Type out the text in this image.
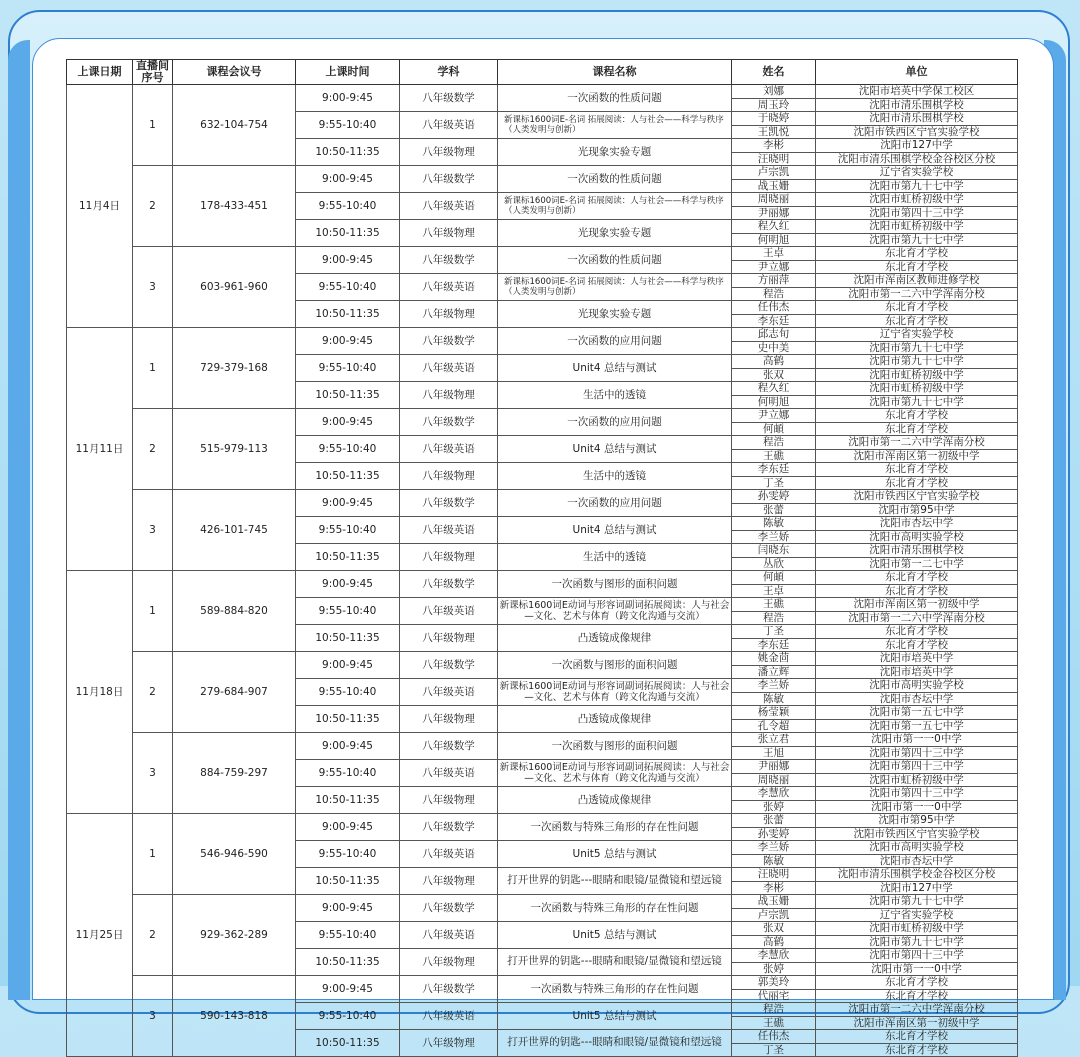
上课日期	直播间序号	课程会议号	上课时间	学科	课程名称	姓名	单位
11月4日	1	632-104-754	9:00-9:45	八年级数学	一次函数的性质问题	刘娜	沈阳市培英中学保工校区
						周玉玲	沈阳市清乐围棋学校
			9:55-10:40	八年级英语	新课标1600词E-名词 拓展阅读：人与社会——科学与秩序（人类发明与创新）	于晓婷	沈阳市清乐围棋学校
						王凯悦	沈阳市铁西区宁官实验学校
			10:50-11:35	八年级物理	光现象实验专题	李彬	沈阳市127中学
						汪晓明	沈阳市清乐围棋学校金谷校区分校
	2	178-433-451	9:00-9:45	八年级数学	一次函数的性质问题	卢宗凯	辽宁省实验学校
						战玉姗	沈阳市第九十七中学
			9:55-10:40	八年级英语	新课标1600词E-名词 拓展阅读：人与社会——科学与秩序（人类发明与创新）	周晓丽	沈阳市虹桥初级中学
						尹丽娜	沈阳市第四十三中学
			10:50-11:35	八年级物理	光现象实验专题	程久红	沈阳市虹桥初级中学
						何明旭	沈阳市第九十七中学
	3	603-961-960	9:00-9:45	八年级数学	一次函数的性质问题	王卓	东北育才学校
						尹立娜	东北育才学校
			9:55-10:40	八年级英语	新课标1600词E-名词 拓展阅读：人与社会——科学与秩序（人类发明与创新）	方丽萍	沈阳市浑南区教师进修学校
						程浩	沈阳市第一二六中学浑南分校
			10:50-11:35	八年级物理	光现象实验专题	任伟杰	东北育才学校
						李东廷	东北育才学校
11月11日	1	729-379-168	9:00-9:45	八年级数学	一次函数的应用问题	邱志旬	辽宁省实验学校
						史中美	沈阳市第九十七中学
			9:55-10:40	八年级英语	Unit4 总结与测试	高鹤	沈阳市第九十七中学
						张双	沈阳市虹桥初级中学
			10:50-11:35	八年级物理	生活中的透镜	程久红	沈阳市虹桥初级中学
						何明旭	沈阳市第九十七中学
	2	515-979-113	9:00-9:45	八年级数学	一次函数的应用问题	尹立娜	东北育才学校
						何頔	东北育才学校
			9:55-10:40	八年级英语	Unit4 总结与测试	程浩	沈阳市第一二六中学浑南分校
						王礁	沈阳市浑南区第一初级中学
			10:50-11:35	八年级物理	生活中的透镜	李东廷	东北育才学校
						丁圣	东北育才学校
	3	426-101-745	9:00-9:45	八年级数学	一次函数的应用问题	孙雯婷	沈阳市铁西区宁官实验学校
						张蕾	沈阳市第95中学
			9:55-10:40	八年级英语	Unit4 总结与测试	陈敏	沈阳市杏坛中学
						李兰娇	沈阳市高明实验学校
			10:50-11:35	八年级物理	生活中的透镜	闫晓东	沈阳市清乐围棋学校
						丛欣	沈阳市第一二七中学
11月18日	1	589-884-820	9:00-9:45	八年级数学	一次函数与图形的面积问题	何頔	东北育才学校
						王卓	东北育才学校
			9:55-10:40	八年级英语	新课标1600词E动词与形容词副词拓展阅读：人与社会—文化、艺术与体育（跨文化沟通与交流）	王礁	沈阳市浑南区第一初级中学
						程浩	沈阳市第一二六中学浑南分校
			10:50-11:35	八年级物理	凸透镜成像规律	丁圣	东北育才学校
						李东廷	东北育才学校
	2	279-684-907	9:00-9:45	八年级数学	一次函数与图形的面积问题	姚金茴	沈阳市培英中学
						潘立辉	沈阳市培英中学
			9:55-10:40	八年级英语	新课标1600词E动词与形容词副词拓展阅读：人与社会—文化、艺术与体育（跨文化沟通与交流）	李兰娇	沈阳市高明实验学校
						陈敏	沈阳市杏坛中学
			10:50-11:35	八年级物理	凸透镜成像规律	杨莹颖	沈阳市第一五七中学
						孔令超	沈阳市第一五七中学
	3	884-759-297	9:00-9:45	八年级数学	一次函数与图形的面积问题	张立君	沈阳市第一一0中学
						王旭	沈阳市第四十三中学
			9:55-10:40	八年级英语	新课标1600词E动词与形容词副词拓展阅读：人与社会—文化、艺术与体育（跨文化沟通与交流）	尹丽娜	沈阳市第四十三中学
						周晓丽	沈阳市虹桥初级中学
			10:50-11:35	八年级物理	凸透镜成像规律	李慧欣	沈阳市第四十三中学
						张婷	沈阳市第一一0中学
11月25日	1	546-946-590	9:00-9:45	八年级数学	一次函数与特殊三角形的存在性问题	张蕾	沈阳市第95中学
						孙雯婷	沈阳市铁西区宁官实验学校
			9:55-10:40	八年级英语	Unit5 总结与测试	李兰娇	沈阳市高明实验学校
						陈敏	沈阳市杏坛中学
			10:50-11:35	八年级物理	打开世界的钥匙---眼睛和眼镜/显微镜和望远镜	汪晓明	沈阳市清乐围棋学校金谷校区分校
						李彬	沈阳市127中学
	2	929-362-289	9:00-9:45	八年级数学	一次函数与特殊三角形的存在性问题	战玉姗	沈阳市第九十七中学
						卢宗凯	辽宁省实验学校
			9:55-10:40	八年级英语	Unit5 总结与测试	张双	沈阳市虹桥初级中学
						高鹤	沈阳市第九十七中学
			10:50-11:35	八年级物理	打开世界的钥匙---眼睛和眼镜/显微镜和望远镜	李慧欣	沈阳市第四十三中学
						张婷	沈阳市第一一0中学
	3	590-143-818	9:00-9:45	八年级数学	一次函数与特殊三角形的存在性问题	郭美玲	东北育才学校
						代丽宅	东北育才学校
			9:55-10:40	八年级英语	Unit5 总结与测试	程浩	沈阳市第一二六中学浑南分校
						王礁	沈阳市浑南区第一初级中学
			10:50-11:35	八年级物理	打开世界的钥匙---眼睛和眼镜/显微镜和望远镜	任伟杰	东北育才学校
						丁圣	东北育才学校
